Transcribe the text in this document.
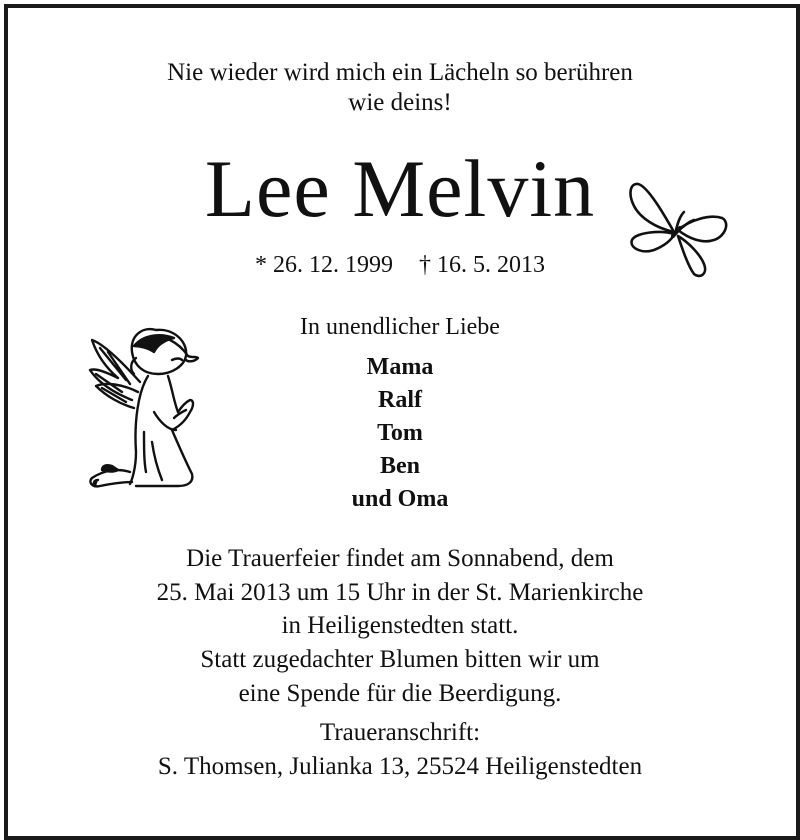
Nie wieder wird mich ein Lächeln so berühren
wie deins!
Lee Melvin
* 26. 12. 1999 † 16. 5. 2013
In unendlicher Liebe
Mama
Ralf
Tom
Ben
und Oma
Die Trauerfeier findet am Sonnabend, dem
25. Mai 2013 um 15 Uhr in der St. Marienkirche
in Heiligenstedten statt.
Statt zugedachter Blumen bitten wir um
eine Spende für die Beerdigung.
Traueranschrift:
S. Thomsen, Julianka 13, 25524 Heiligenstedten
